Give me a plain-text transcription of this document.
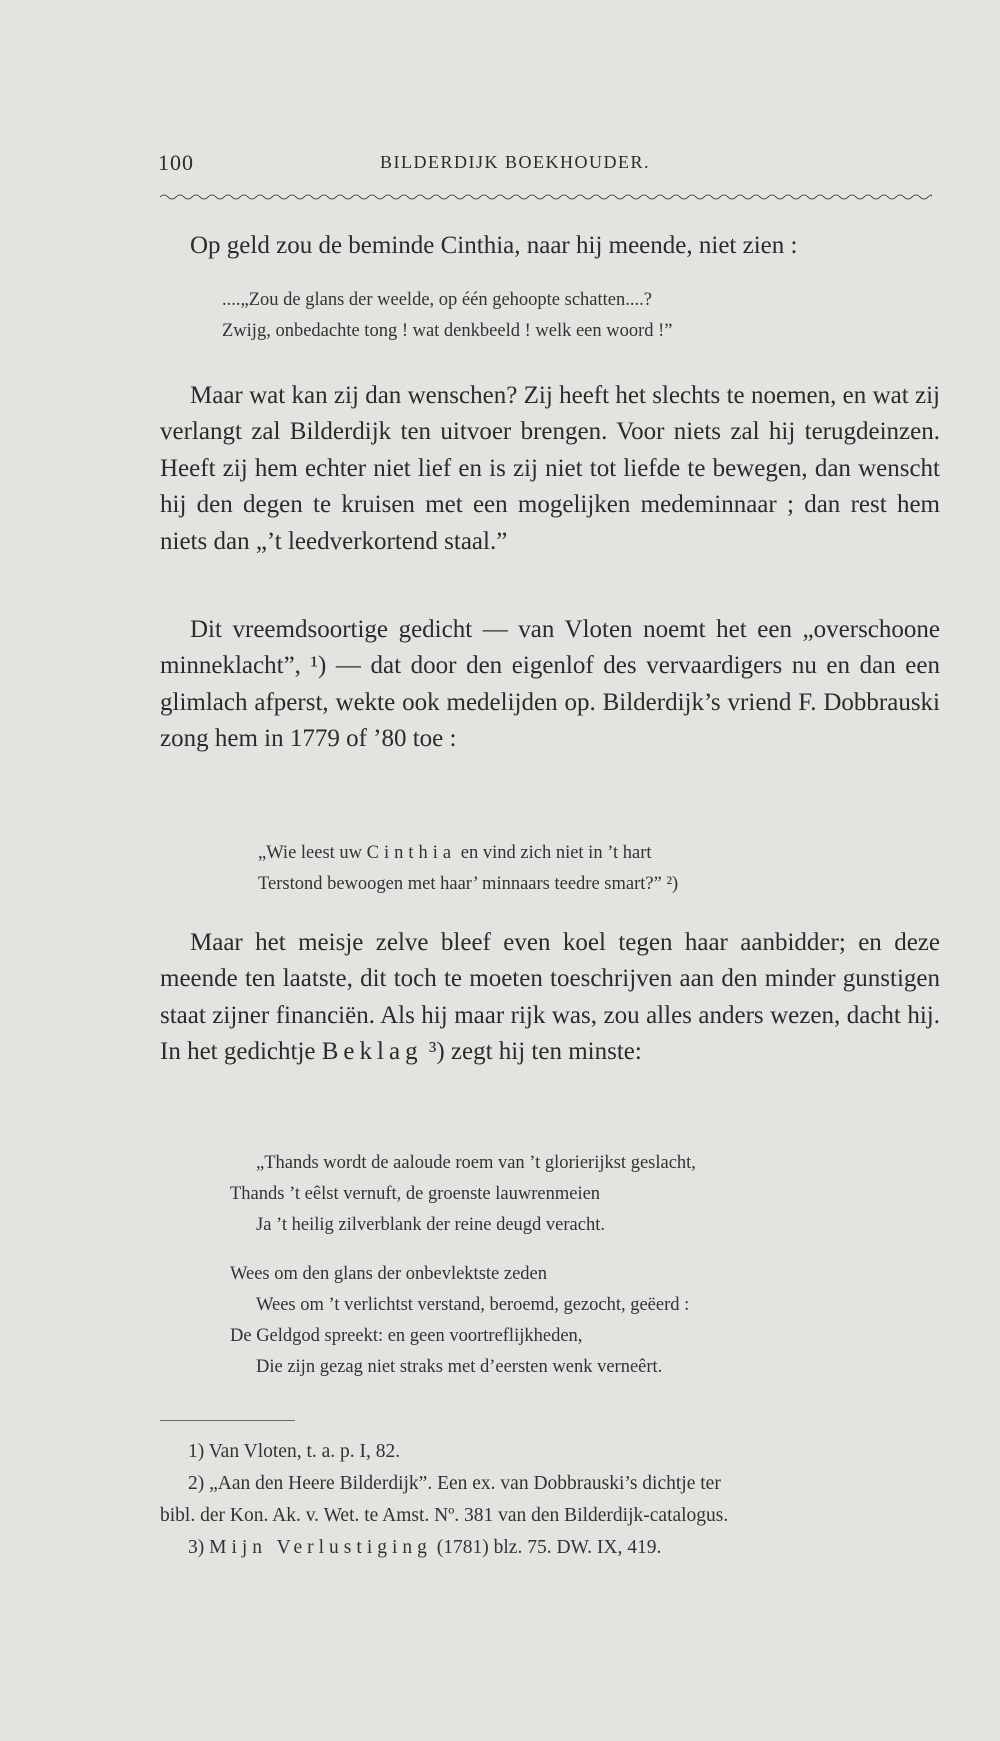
100	BILDERDIJK BOEKHOUDER.

Op geld zou de beminde Cinthia, naar hij meende, niet zien :

....„Zou de glans der weelde, op één gehoopte schatten....?
Zwijg, onbedachte tong ! wat denkbeeld ! welk een woord !”

Maar wat kan zij dan wenschen? Zij heeft het slechts te noemen, en wat zij verlangt zal Bilderdijk ten uitvoer brengen. Voor niets zal hij terugdeinzen. Heeft zij hem echter niet lief en is zij niet tot liefde te bewegen, dan wenscht hij den degen te kruisen met een mogelijken medeminnaar ; dan rest hem niets dan „’t leedverkortend staal.”

Dit vreemdsoortige gedicht — van Vloten noemt het een „overschoone minneklacht”, ¹) — dat door den eigenlof des vervaardigers nu en dan een glimlach afperst, wekte ook medelijden op. Bilderdijk’s vriend F. Dobbrauski zong hem in 1779 of ’80 toe :

„Wie leest uw Cinthia en vind zich niet in ’t hart
Terstond bewoogen met haar’ minnaars teedre smart?” ²)

Maar het meisje zelve bleef even koel tegen haar aanbidder; en deze meende ten laatste, dit toch te moeten toeschrijven aan den minder gunstigen staat zijner financiën. Als hij maar rijk was, zou alles anders wezen, dacht hij. In het gedichtje Beklag ³) zegt hij ten minste:

„Thands wordt de aaloude roem van ’t glorierijkst geslacht,
Thands ’t eêlst vernuft, de groenste lauwrenmeien
Ja ’t heilig zilverblank der reine deugd veracht.
Wees om den glans der onbevlektste zeden
Wees om ’t verlichtst verstand, beroemd, gezocht, geëerd :
De Geldgod spreekt: en geen voortreflijkheden,
Die zijn gezag niet straks met d’eersten wenk verneêrt.
1) Van Vloten, t. a. p. I, 82.
2) „Aan den Heere Bilderdijk”. Een ex. van Dobbrauski’s dichtje ter
bibl. der Kon. Ak. v. Wet. te Amst. Nº. 381 van den Bilderdijk-catalogus.
3) Mijn Verlustiging (1781) blz. 75. DW. IX, 419.
